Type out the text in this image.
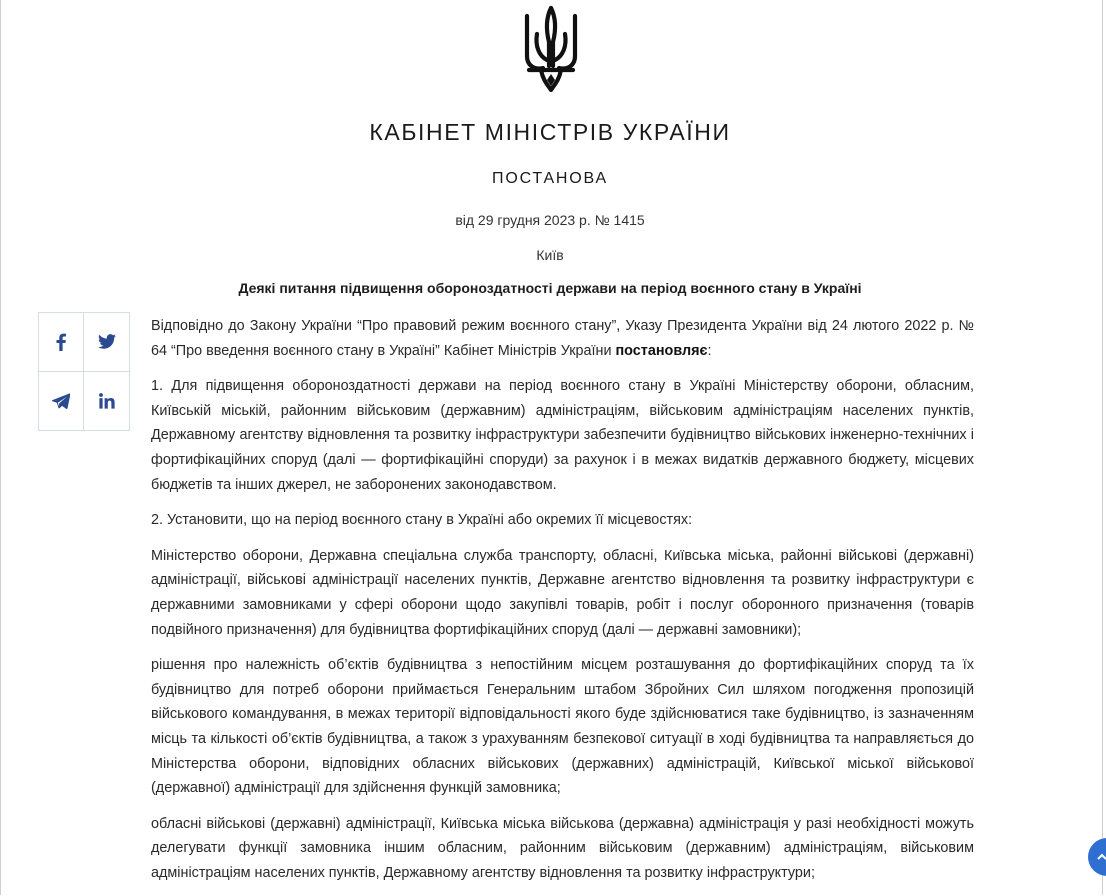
КАБІНЕТ МІНІСТРІВ УКРАЇНИ
ПОСТАНОВА
від 29 грудня 2023 р. № 1415
Київ
Деякі питання підвищення обороноздатності держави на період воєнного стану в Україні

Відповідно до Закону України “Про правовий режим воєнного стану”, Указу Президента України від 24 лютого 2022 р. № 64 “Про введення воєнного стану в Україні” Кабінет Міністрів України постановляє:

1. Для підвищення обороноздатності держави на період воєнного стану в Україні Міністерству оборони, обласним, Київській міській, районним військовим (державним) адміністраціям, військовим адміністраціям населених пунктів, Державному агентству відновлення та розвитку інфраструктури забезпечити будівництво військових інженерно-технічних і фортифікаційних споруд (далі — фортифікаційні споруди) за рахунок і в межах видатків державного бюджету, місцевих бюджетів та інших джерел, не заборонених законодавством.

2. Установити, що на період воєнного стану в Україні або окремих її місцевостях:

Міністерство оборони, Державна спеціальна служба транспорту, обласні, Київська міська, районні військові (державні) адміністрації, військові адміністрації населених пунктів, Державне агентство відновлення та розвитку інфраструктури є державними замовниками у сфері оборони щодо закупівлі товарів, робіт і послуг оборонного призначення (товарів подвійного призначення) для будівництва фортифікаційних споруд (далі — державні замовники);

рішення про належність об’єктів будівництва з непостійним місцем розташування до фортифікаційних споруд та їх будівництво для потреб оборони приймається Генеральним штабом Збройних Сил шляхом погодження пропозицій військового командування, в межах території відповідальності якого буде здійснюватися таке будівництво, із зазначенням місць та кількості об’єктів будівництва, а також з урахуванням безпекової ситуації в ході будівництва та направляється до Міністерства оборони, відповідних обласних військових (державних) адміністрацій, Київської міської військової (державної) адміністрації для здійснення функцій замовника;

обласні військові (державні) адміністрації, Київська міська військова (державна) адміністрація у разі необхідності можуть делегувати функції замовника іншим обласним, районним військовим (державним) адміністраціям, військовим адміністраціям населених пунктів, Державному агентству відновлення та розвитку інфраструктури;
